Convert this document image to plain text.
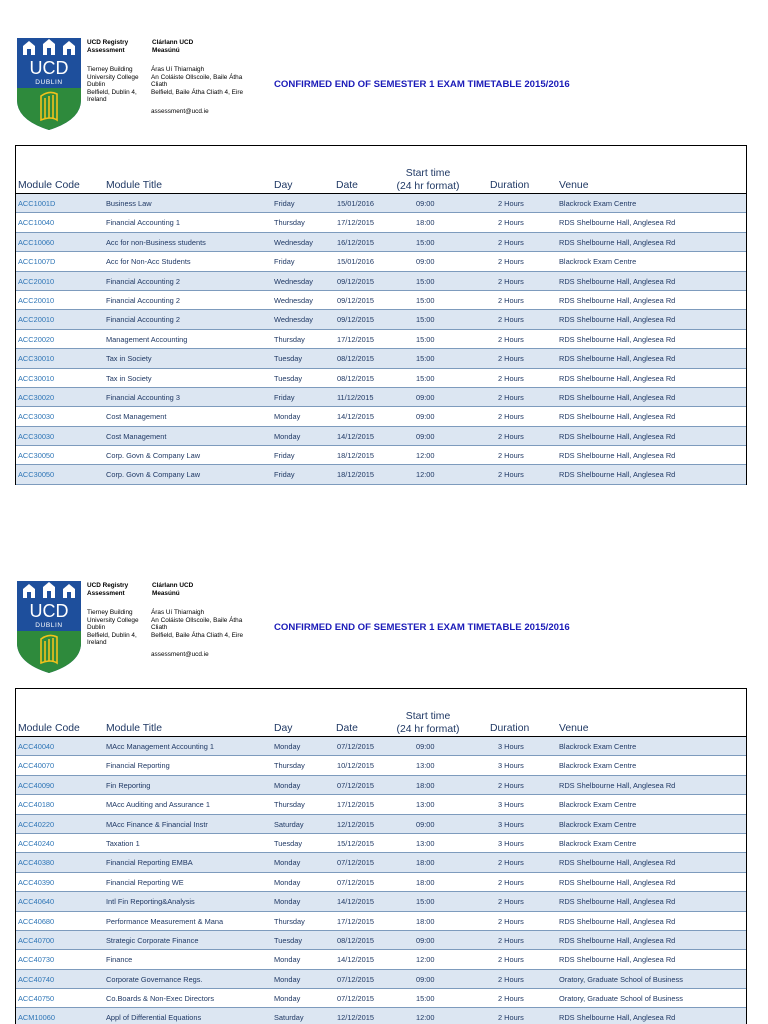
UCD
DUBLIN
UCD Registry
Assessment
Clárlann UCD
Measúnú
Tierney Building
University College
Dublin
Belfield, Dublin 4,
Ireland
Áras Uí Thiarnaigh
An Coláiste Ollscoile, Baile Átha
Cliath
Belfield, Baile Átha Cliath 4, Eire
assessment@ucd.ie
CONFIRMED END OF SEMESTER 1 EXAM TIMETABLE 2015/2016
Module Code	Module Title	Day	Date
Start time
(24 hr format)	Duration	Venue
ACC1001D	Business Law	Friday	15/01/2016	09:00	2 Hours	Blackrock Exam Centre
ACC10040	Financial Accounting 1	Thursday	17/12/2015	18:00	2 Hours	RDS Shelbourne Hall, Anglesea Rd
ACC10060	Acc for non-Business students	Wednesday	16/12/2015	15:00	2 Hours	RDS Shelbourne Hall, Anglesea Rd
ACC1007D	Acc for Non-Acc Students	Friday	15/01/2016	09:00	2 Hours	Blackrock Exam Centre
ACC20010	Financial Accounting 2	Wednesday	09/12/2015	15:00	2 Hours	RDS Shelbourne Hall, Anglesea Rd
ACC20010	Financial Accounting 2	Wednesday	09/12/2015	15:00	2 Hours	RDS Shelbourne Hall, Anglesea Rd
ACC20010	Financial Accounting 2	Wednesday	09/12/2015	15:00	2 Hours	RDS Shelbourne Hall, Anglesea Rd
ACC20020	Management Accounting	Thursday	17/12/2015	15:00	2 Hours	RDS Shelbourne Hall, Anglesea Rd
ACC30010	Tax in Society	Tuesday	08/12/2015	15:00	2 Hours	RDS Shelbourne Hall, Anglesea Rd
ACC30010	Tax in Society	Tuesday	08/12/2015	15:00	2 Hours	RDS Shelbourne Hall, Anglesea Rd
ACC30020	Financial Accounting 3	Friday	11/12/2015	09:00	2 Hours	RDS Shelbourne Hall, Anglesea Rd
ACC30030	Cost Management	Monday	14/12/2015	09:00	2 Hours	RDS Shelbourne Hall, Anglesea Rd
ACC30030	Cost Management	Monday	14/12/2015	09:00	2 Hours	RDS Shelbourne Hall, Anglesea Rd
ACC30050	Corp. Govn & Company Law	Friday	18/12/2015	12:00	2 Hours	RDS Shelbourne Hall, Anglesea Rd
ACC30050	Corp. Govn & Company Law	Friday	18/12/2015	12:00	2 Hours	RDS Shelbourne Hall, Anglesea Rd
UCD
DUBLIN
UCD Registry
Assessment
Clárlann UCD
Measúnú
Tierney Building
University College
Dublin
Belfield, Dublin 4,
Ireland
Áras Uí Thiarnaigh
An Coláiste Ollscoile, Baile Átha
Cliath
Belfield, Baile Átha Cliath 4, Eire
assessment@ucd.ie
CONFIRMED END OF SEMESTER 1 EXAM TIMETABLE 2015/2016
Module Code	Module Title	Day	Date
Start time
(24 hr format)	Duration	Venue
ACC40040	MAcc Management Accounting 1	Monday	07/12/2015	09:00	3 Hours	Blackrock Exam Centre
ACC40070	Financial Reporting	Thursday	10/12/2015	13:00	3 Hours	Blackrock Exam Centre
ACC40090	Fin Reporting	Monday	07/12/2015	18:00	2 Hours	RDS Shelbourne Hall, Anglesea Rd
ACC40180	MAcc Auditing and Assurance 1	Thursday	17/12/2015	13:00	3 Hours	Blackrock Exam Centre
ACC40220	MAcc Finance & Financial Instr	Saturday	12/12/2015	09:00	3 Hours	Blackrock Exam Centre
ACC40240	Taxation 1	Tuesday	15/12/2015	13:00	3 Hours	Blackrock Exam Centre
ACC40380	Financial Reporting EMBA	Monday	07/12/2015	18:00	2 Hours	RDS Shelbourne Hall, Anglesea Rd
ACC40390	Financial Reporting WE	Monday	07/12/2015	18:00	2 Hours	RDS Shelbourne Hall, Anglesea Rd
ACC40640	Intl Fin Reporting&Analysis	Monday	14/12/2015	15:00	2 Hours	RDS Shelbourne Hall, Anglesea Rd
ACC40680	Performance Measurement & Mana	Thursday	17/12/2015	18:00	2 Hours	RDS Shelbourne Hall, Anglesea Rd
ACC40700	Strategic Corporate Finance	Tuesday	08/12/2015	09:00	2 Hours	RDS Shelbourne Hall, Anglesea Rd
ACC40730	Finance	Monday	14/12/2015	12:00	2 Hours	RDS Shelbourne Hall, Anglesea Rd
ACC40740	Corporate Governance Regs.	Monday	07/12/2015	09:00	2 Hours	Oratory, Graduate School of Business
ACC40750	Co.Boards & Non-Exec Directors	Monday	07/12/2015	15:00	2 Hours	Oratory, Graduate School of Business
ACM10060	Appl of Differential Equations	Saturday	12/12/2015	12:00	2 Hours	RDS Shelbourne Hall, Anglesea Rd
